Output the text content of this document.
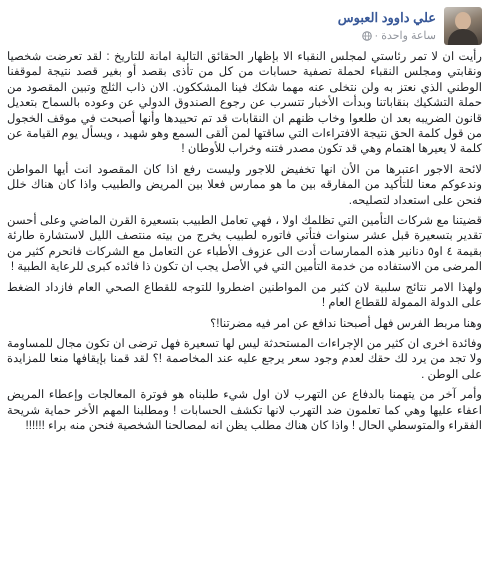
علي داوود العبوس
ساعة واحدة
·

رأيت ان لا تمر رئاستي لمجلس النقباء الا بإظهار الحقائق التالية امانة للتاريخ : لقد تعرضت شخصيا ونقابتي ومجلس النقباء لحملة تصفية حسابات من كل من تأذى بقصد أو بغير قصد نتيجة لموقفنا الوطني الذي نعتز به ولن نتخلى عنه مهما شكك فينا المشككون. الان ذاب الثلج وتبين المقصود من حملة التشكيك بنقاباتنا وبدأت الأخبار تتسرب عن رجوع الصندوق الدولي عن وعوده بالسماح بتعديل قانون الضريبه بعد ان طلعوا وخاب ظنهم ان النقابات قد تم تحييدها وأنها أصبحت في موقف الخجول من قول كلمة الحق نتيجة الافتراءات التي ساقتها لمن ألقى السمع وهو شهيد ، ويسأل يوم القيامة عن كلمة لا يعيرها اهتمام وهي قد تكون مصدر فتنه وخراب للأوطان !

لائحة الاجور اعتبرها من الأن انها تخفيض للاجور وليست رفع اذا كان المقصود انت أيها المواطن وندعوكم معنا للتأكيد من المفارقه بين ما هو ممارس فعلا بين المريض والطبيب واذا كان هناك خلل فنحن على استعداد لتصليحه.

قضيتنا مع شركات التأمين التي تظلمك اولا ، فهي تعامل الطبيب بتسعيرة القرن الماضي وعلى أحسن تقدير بتسعيرة قبل عشر سنوات فتأتي فاتوره لطبيب يخرج من بيته منتصف الليل لاستشارة طارئة بقيمة ٤ او٥ دنانير هذه الممارسات أدت الى عزوف الأطباء عن التعامل مع الشركات فانحرم كثير من المرضى من الاستفاده من خدمة التأمين التي في الأصل يجب ان تكون ذا فائده كبرى للرعاية الطبية !

ولهذا الامر نتائج سلبية لان كثير من المواطنين اضطروا للتوجه للقطاع الصحي العام فازداد الضغط على الدولة الممولة للقطاع العام !

وهنا مربط الفرس فهل أصبحنا ندافع عن امر فيه مضرتنا!؟

وفائدة اخرى ان كثير من الإجراءات المستحدثة ليس لها تسعيرة فهل ترضى ان تكون مجال للمساومة ولا تجد من يرد لك حقك لعدم وجود سعر يرجع عليه عند المخاصمة !؟ لقد قمنا بإيقافها منعا للمزايدة على الوطن .

وأمر آخر من يتهمنا بالدفاع عن التهرب لان اول شيء طلبناه هو فوترة المعالجات وإعطاء المريض اعفاء عليها وهي كما تعلمون ضد التهرب لانها تكشف الحسابات ! ومطلبنا المهم الأخر حماية شريحة الفقراء والمتوسطي الحال ! واذا كان هناك مطلب يظن انه لمصالحنا الشخصية فنحن منه براء !!!!!!
